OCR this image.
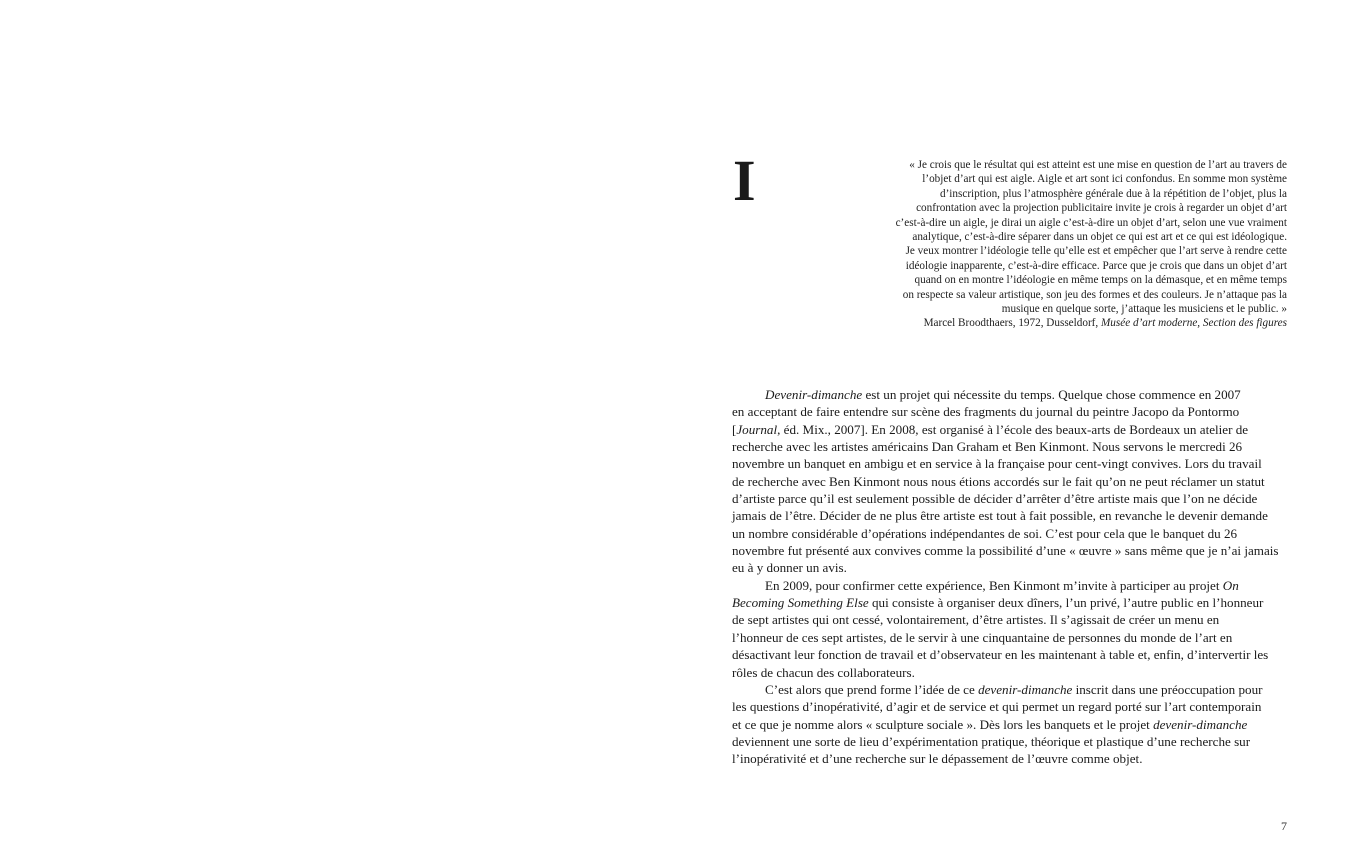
I	« Je crois que le résultat qui est atteint est une mise en question de l’art au travers de
l’objet d’art qui est aigle. Aigle et art sont ici confondus. En somme mon système
d’inscription, plus l’atmosphère générale due à la répétition de l’objet, plus la
confrontation avec la projection publicitaire invite je crois à regarder un objet d’art
c’est-à-dire un aigle, je dirai un aigle c’est-à-dire un objet d’art, selon une vue vraiment
analytique, c’est-à-dire séparer dans un objet ce qui est art et ce qui est idéologique.
Je veux montrer l’idéologie telle qu’elle est et empêcher que l’art serve à rendre cette
idéologie inapparente, c’est-à-dire efficace. Parce que je crois que dans un objet d’art
quand on en montre l’idéologie en même temps on la démasque, et en même temps
on respecte sa valeur artistique, son jeu des formes et des couleurs. Je n’attaque pas la
musique en quelque sorte, j’attaque les musiciens et le public. »
Marcel Broodthaers, 1972, Dusseldorf, Musée d’art moderne, Section des figures
Devenir-dimanche est un projet qui nécessite du temps. Quelque chose commence en 2007
en acceptant de faire entendre sur scène des fragments du journal du peintre Jacopo da Pontormo
[Journal, éd. Mix., 2007]. En 2008, est organisé à l’école des beaux-arts de Bordeaux un atelier de
recherche avec les artistes américains Dan Graham et Ben Kinmont. Nous servons le mercredi 26
novembre un banquet en ambigu et en service à la française pour cent-vingt convives. Lors du travail
de recherche avec Ben Kinmont nous nous étions accordés sur le fait qu’on ne peut réclamer un statut
d’artiste parce qu’il est seulement possible de décider d’arrêter d’être artiste mais que l’on ne décide
jamais de l’être. Décider de ne plus être artiste est tout à fait possible, en revanche le devenir demande
un nombre considérable d’opérations indépendantes de soi. C’est pour cela que le banquet du 26
novembre fut présenté aux convives comme la possibilité d’une « œuvre » sans même que je n’ai jamais
eu à y donner un avis.
En 2009, pour confirmer cette expérience, Ben Kinmont m’invite à participer au projet On
Becoming Something Else qui consiste à organiser deux dîners, l’un privé, l’autre public en l’honneur
de sept artistes qui ont cessé, volontairement, d’être artistes. Il s’agissait de créer un menu en
l’honneur de ces sept artistes, de le servir à une cinquantaine de personnes du monde de l’art en
désactivant leur fonction de travail et d’observateur en les maintenant à table et, enfin, d’intervertir les
rôles de chacun des collaborateurs.
C’est alors que prend forme l’idée de ce devenir-dimanche inscrit dans une préoccupation pour
les questions d’inopérativité, d’agir et de service et qui permet un regard porté sur l’art contemporain
et ce que je nomme alors « sculpture sociale ». Dès lors les banquets et le projet devenir-dimanche
deviennent une sorte de lieu d’expérimentation pratique, théorique et plastique d’une recherche sur
l’inopérativité et d’une recherche sur le dépassement de l’œuvre comme objet.
7
